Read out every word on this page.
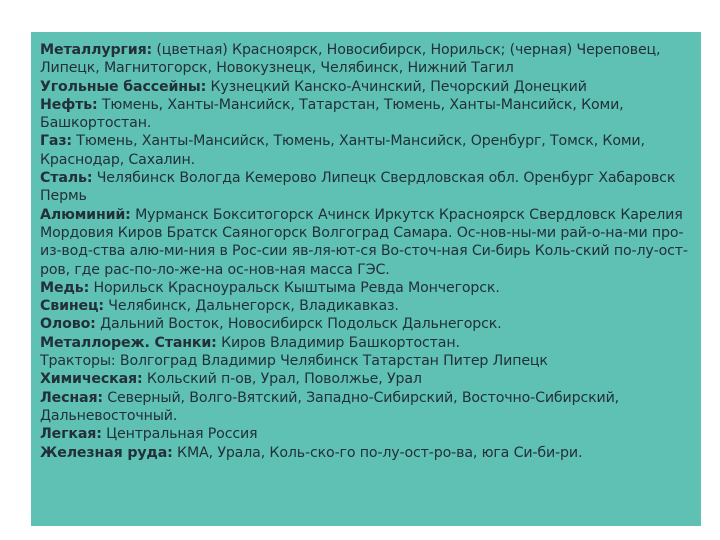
Металлургия: (цветная) Красноярск, Новосибирск, Норильск; (черная) Череповец, Липецк, Магнитогорск, Новокузнецк, Челябинск, Нижний Тагил

Угольные бассейны: Кузнецкий Канско-Ачинский, Печорский Донецкий

Нефть: Тюмень, Ханты-Мансийск, Татарстан, Тюмень, Ханты-Мансийск, Коми, Башкортостан.

Газ: Тюмень, Ханты-Мансийск, Тюмень, Ханты-Мансийск, Оренбург, Томск, Коми, Краснодар, Сахалин.

Сталь: Челябинск Вологда Кемерово Липецк Свердловская обл. Оренбург Хабаровск Пермь

Алюминий: Мурманск Бокситогорск Ачинск Иркутск Красноярск Свердловск Карелия Мордовия Киров Братск Саяногорск Волгоград Самара. Ос-нов-ны-ми рай-о-на-ми про-из-вод-ства алю-ми-ния в Рос-сии яв-ля-ют-ся Во-сточ-ная Си-бирь Коль-ский по-лу-ост-ров, где рас-по-ло-же-на ос-нов-ная масса ГЭС.

Медь: Норильск Красноуральск Кыштыма Ревда Мончегорск.

Свинец: Челябинск, Дальнегорск, Владикавказ.

Олово: Дальний Восток, Новосибирск Подольск Дальнегорск.

Металлореж. Станки: Киров Владимир Башкортостан.

Тракторы: Волгоград Владимир Челябинск Татарстан Питер Липецк

Химическая: Кольский п-ов, Урал, Поволжье, Урал

Лесная: Северный, Волго-Вятский, Западно-Сибирский, Восточно-Сибирский, Дальневосточный.

Легкая: Центральная Россия

Железная руда: КМА, Урала, Коль-ско-го по-лу-ост-ро-ва, юга Си-би-ри.
